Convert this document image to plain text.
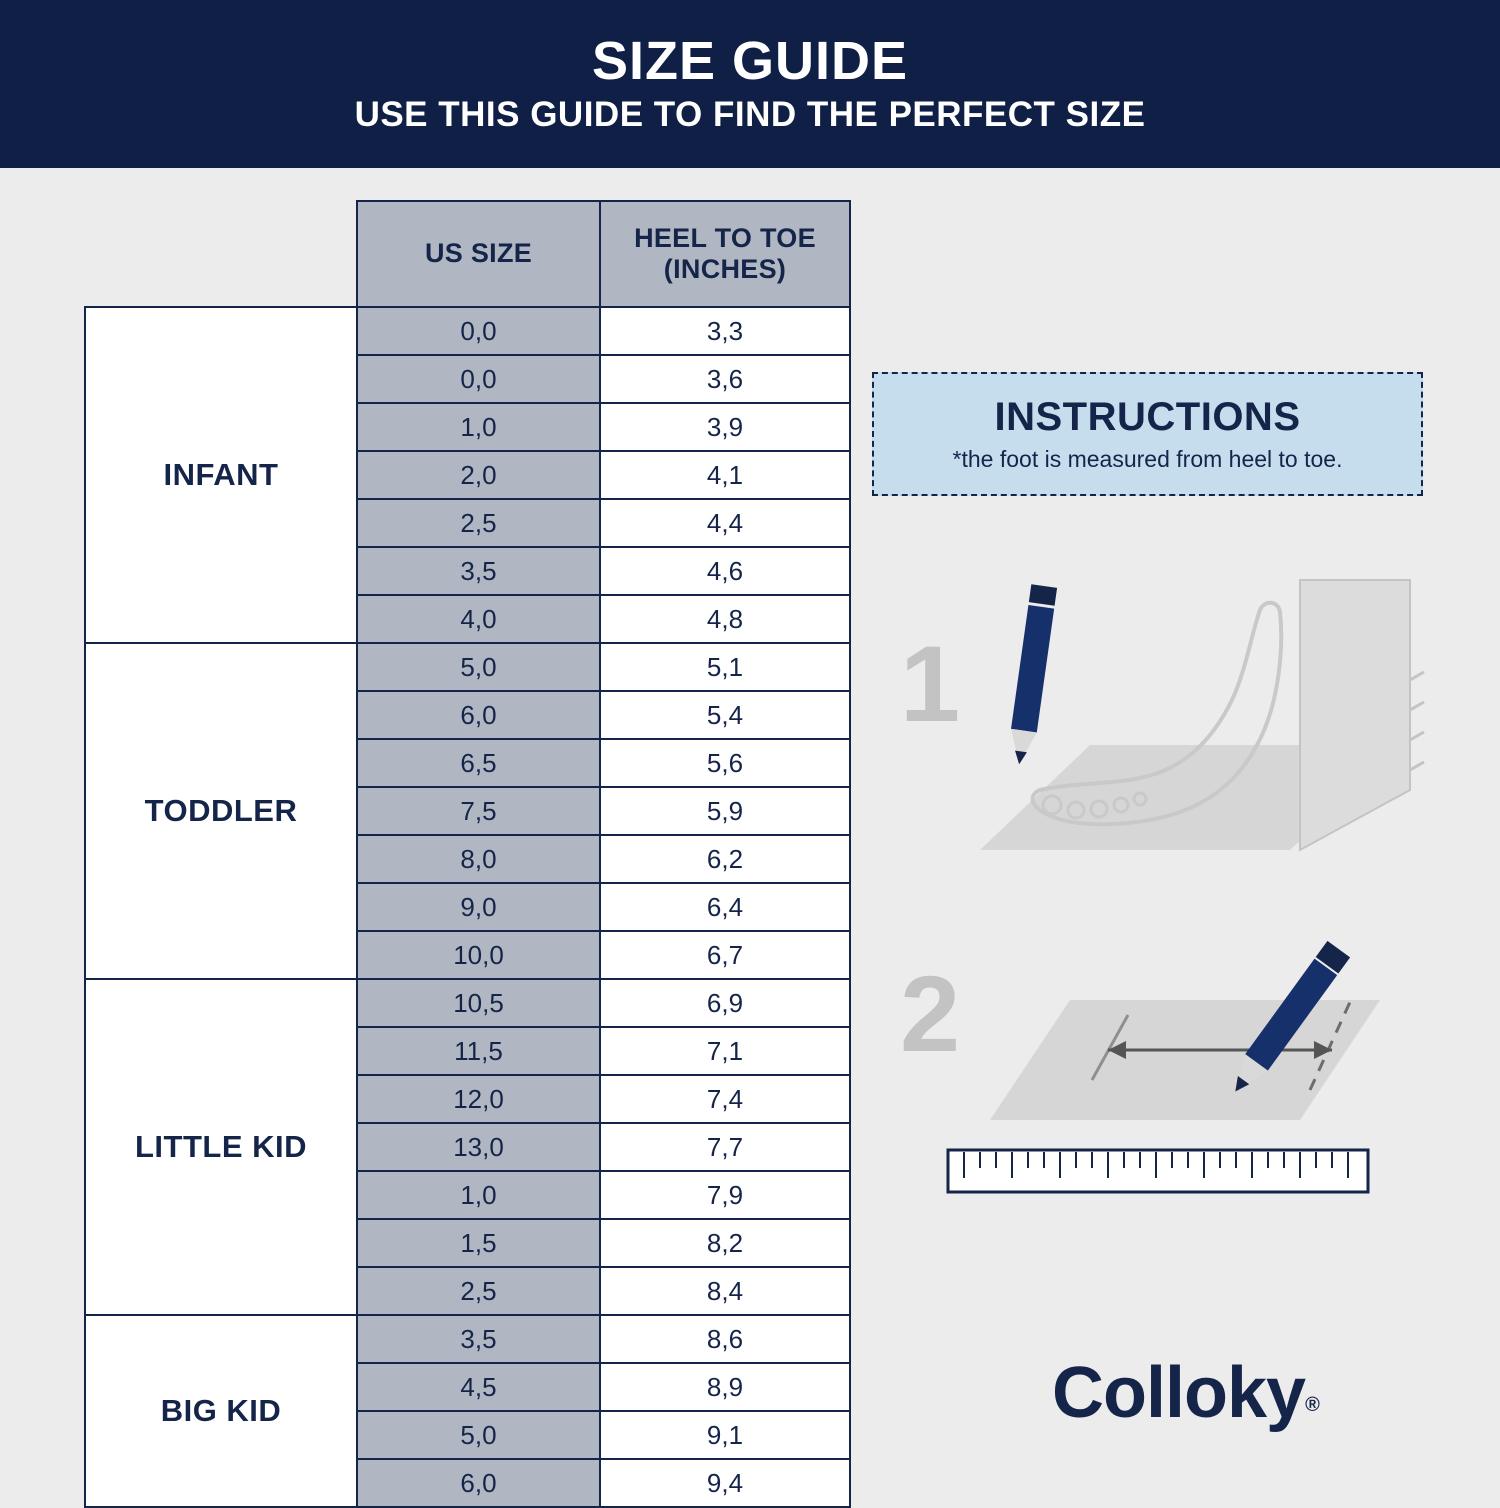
SIZE GUIDE
USE THIS GUIDE TO FIND THE PERFECT SIZE
	US SIZE	HEEL TO TOE
(INCHES)

INFANT	0,0	3,3
	0,0	3,6
	1,0	3,9
	2,0	4,1
	2,5	4,4
	3,5	4,6
	4,0	4,8
TODDLER	5,0	5,1
	6,0	5,4
	6,5	5,6
	7,5	5,9
	8,0	6,2
	9,0	6,4
	10,0	6,7
LITTLE KID	10,5	6,9
	11,5	7,1
	12,0	7,4
	13,0	7,7
	1,0	7,9
	1,5	8,2
	2,5	8,4
BIG KID	3,5	8,6
	4,5	8,9
	5,0	9,1
	6,0	9,4
INSTRUCTIONS
*the foot is measured from heel to toe.
1
2
Colloky®
